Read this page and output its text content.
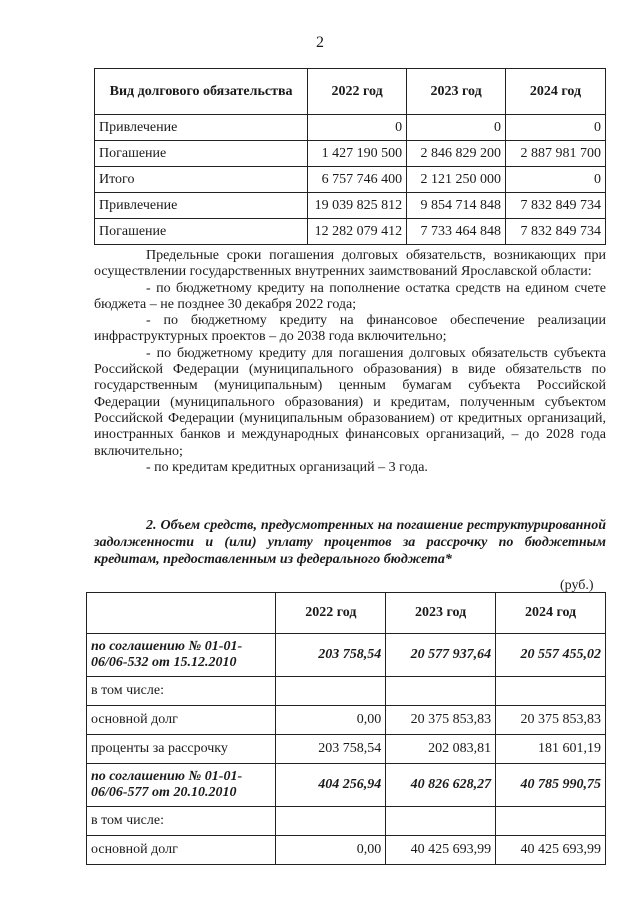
2
Вид долгового обязательства	2022 год	2023 год	2024 год
Привлечение	0	0	0
Погашение	1 427 190 500	2 846 829 200	2 887 981 700
Итого	6 757 746 400	2 121 250 000	0
Привлечение	19 039 825 812	9 854 714 848	7 832 849 734
Погашение	12 282 079 412	7 733 464 848	7 832 849 734

Предельные сроки погашения долговых обязательств, возникающих при осуществлении государственных внутренних заимствований Ярославской области:

- по бюджетному кредиту на пополнение остатка средств на едином счете бюджета – не позднее 30 декабря 2022 года;

- по бюджетному кредиту на финансовое обеспечение реализации инфраструктурных проектов – до 2038 года включительно;

- по бюджетному кредиту для погашения долговых обязательств субъекта Российской Федерации (муниципального образования) в виде обязательств по государственным (муниципальным) ценным бумагам субъекта Российской Федерации (муниципального образования) и кредитам, полученным субъектом Российской Федерации (муниципальным образованием) от кредитных организаций, иностранных банков и международных финансовых организаций, – до 2028 года включительно;

- по кредитам кредитных организаций – 3 года.

2. Объем средств, предусмотренных на погашение реструктурированной задолженности и (или) уплату процентов за рассрочку по бюджетным кредитам, предоставленным из федерального бюджета*
(руб.)
	2022 год	2023 год	2024 год
по соглашению № 01-01-06/06-532 от 15.12.2010	203 758,54	20 577 937,64	20 557 455,02
в том числе:			
основной долг	0,00	20 375 853,83	20 375 853,83
проценты за рассрочку	203 758,54	202 083,81	181 601,19
по соглашению № 01-01-06/06-577 от 20.10.2010	404 256,94	40 826 628,27	40 785 990,75
в том числе:			
основной долг	0,00	40 425 693,99	40 425 693,99
